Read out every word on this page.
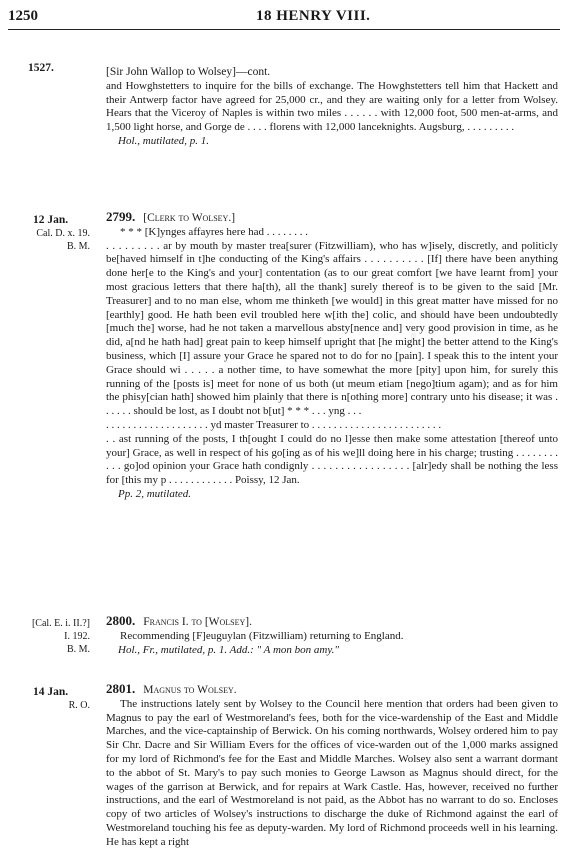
· · · · · ·
1250	18 HENRY VIII.
1527.	[Sir John Wallop to Wolsey]—cont.

and Howghstetters to inquire for the bills of exchange. The Howghstetters tell him that Hackett and their Antwerp factor have agreed for 25,000 cr., and they are waiting only for a letter from Wolsey. Hears that the Viceroy of Naples is within two miles . . . . . . with 12,000 foot, 500 men-at-arms, and 1,500 light horse, and Gorge de . . . . florens with 12,000 lanceknights. Augsburg, . . . . . . . . .

Hol., mutilated, p. 1.

12 Jan.
Cal. D. x. 19.
B. M.

2799. [Clerk to Wolsey.]

* * * [K]ynges affayres here had . . . . . . . .

. . . . . . . . . ar by mouth by master trea[surer (Fitzwilliam), who has w]isely, discretly, and politicly be[haved himself in t]he conducting of the King's affairs . . . . . . . . . . [If] there have been anything done her[e to the King's and your] contentation (as to our great comfort [we have learnt from] your most gracious letters that there ha[th), all the thank] surely thereof is to be given to the said [Mr. Treasurer] and to no man else, whom me thinketh [we would] in this great matter have missed for no [earthly] good. He hath been evil troubled here w[ith the] colic, and should have been undoubtedly [much the] worse, had he not taken a marvellous absty[nence and] very good provision in time, as he did, a[nd he hath had] great pain to keep himself upright that [he might] the better attend to the King's business, which [I] assure your Grace he spared not to do for no [pain]. I speak this to the intent your Grace should wi . . . . . a nother time, to have somewhat the more [pity] upon him, for surely this running of the [posts is] meet for none of us both (ut meum etiam [nego]tium agam); and as for him the phisy[cian hath] showed him plainly that there is n[othing more] contrary unto his disease; it was . . . . . . should be lost, as I doubt not b[ut] * * * . . . yng . . .

. . . . . . . . . . . . . . . . . . . yd master Treasurer to . . . . . . . . . . . . . . . . . . . . . . . .

. . ast running of the posts, I th[ought I could do no l]esse then make some attestation [thereof unto your] Grace, as well in respect of his go[ing as of his we]ll doing here in his charge; trusting . . . . . . . . . . . go]od opinion your Grace hath condignly . . . . . . . . . . . . . . . . . [alr]edy shall be nothing the less for [this my p . . . . . . . . . . . . Poissy, 12 Jan.

Pp. 2, mutilated.

[Cal. E. i. II.?]
I. 192.
B. M.

2800. Francis I. to [Wolsey].

Recommending [F]euguylan (Fitzwilliam) returning to England.

Hol., Fr., mutilated, p. 1. Add.: " A mon bon amy."

14 Jan.
R. O.

2801. Magnus to Wolsey.

The instructions lately sent by Wolsey to the Council here mention that orders had been given to Magnus to pay the earl of Westmoreland's fees, both for the vice-wardenship of the East and Middle Marches, and the vice-captainship of Berwick. On his coming northwards, Wolsey ordered him to pay Sir Chr. Dacre and Sir William Evers for the offices of vice-warden out of the 1,000 marks assigned for my lord of Richmond's fee for the East and Middle Marches. Wolsey also sent a warrant dormant to the abbot of St. Mary's to pay such monies to George Lawson as Magnus should direct, for the wages of the garrison at Berwick, and for repairs at Wark Castle. Has, however, received no further instructions, and the earl of Westmoreland is not paid, as the Abbot has no warrant to do so. Encloses copy of two articles of Wolsey's instructions to discharge the duke of Richmond against the earl of Westmoreland touching his fee as deputy-warden. My lord of Richmond proceeds well in his learning. He has kept a right
